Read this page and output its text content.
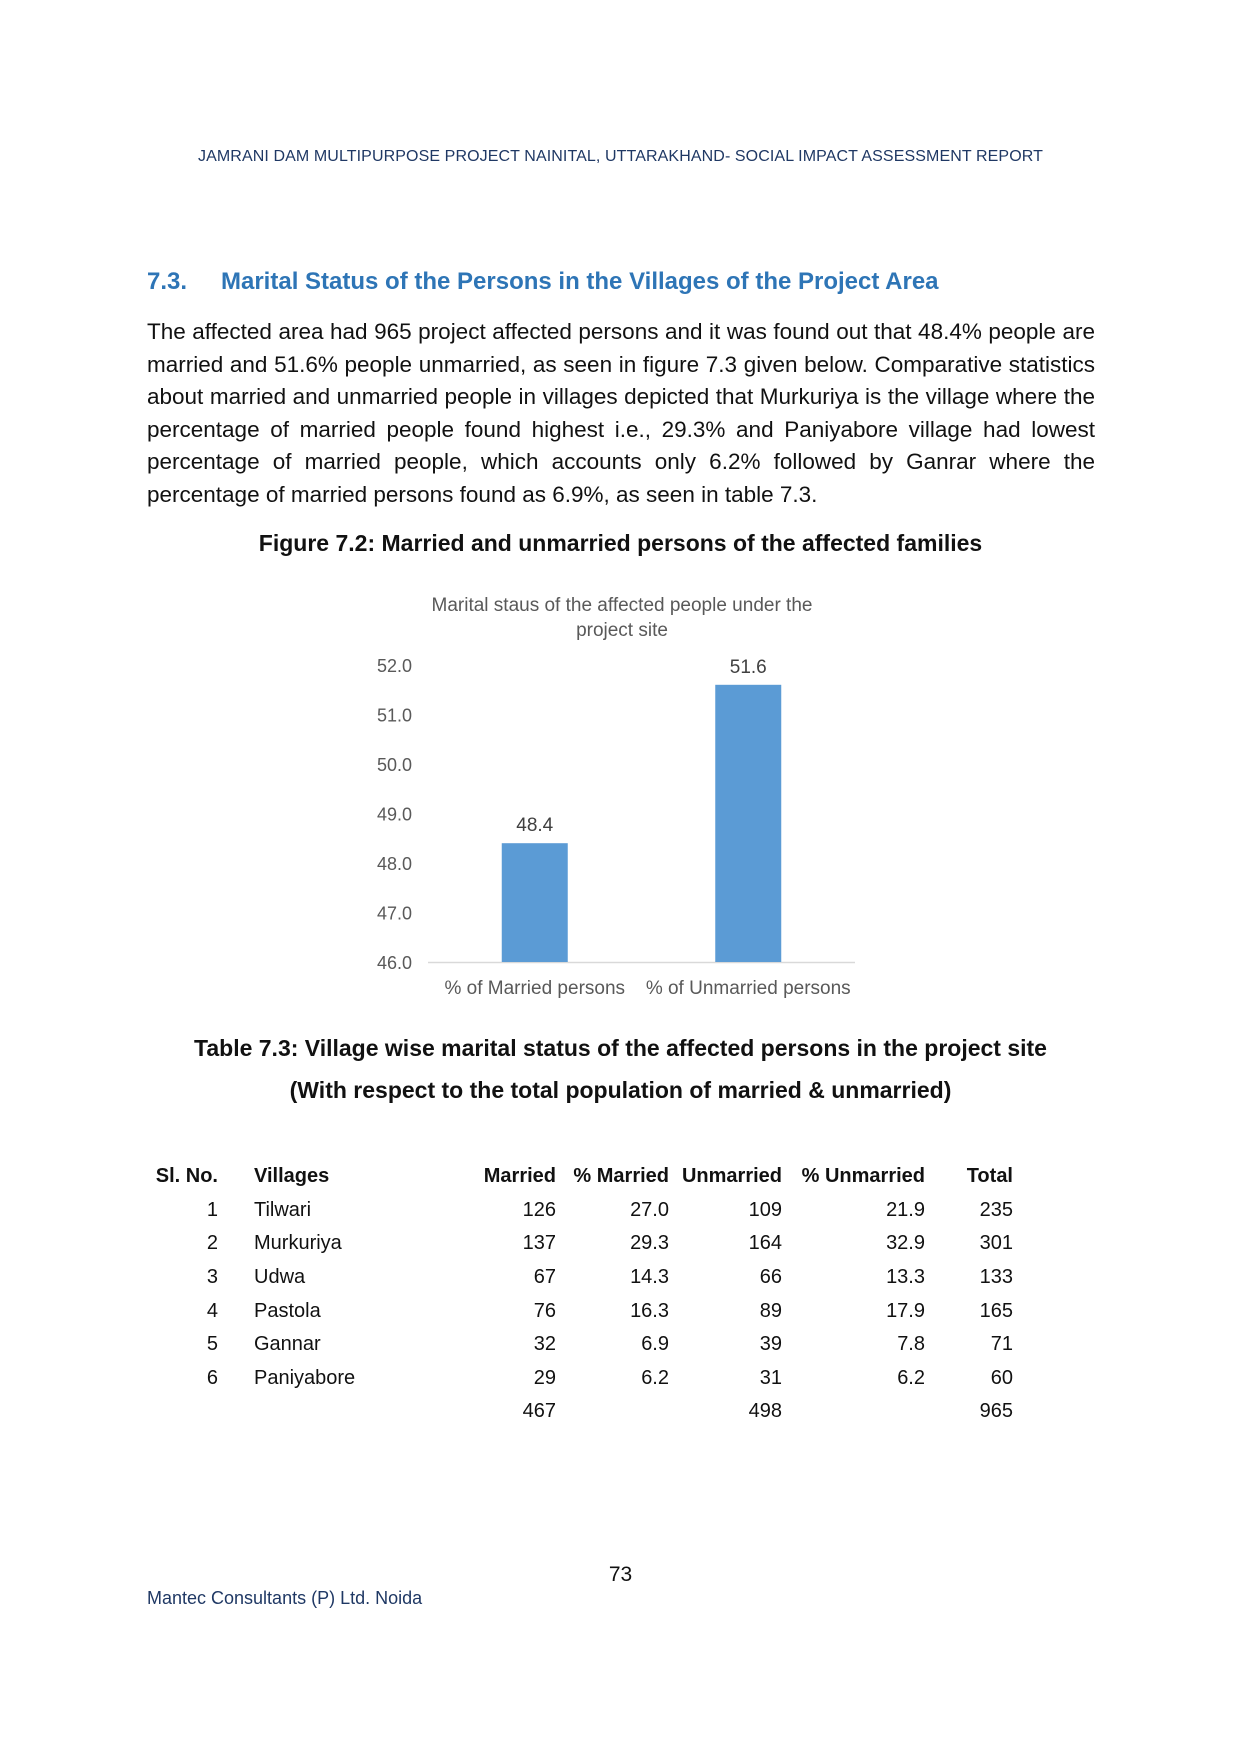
JAMRANI DAM MULTIPURPOSE PROJECT NAINITAL, UTTARAKHAND- SOCIAL IMPACT ASSESSMENT REPORT
7.3. Marital Status of the Persons in the Villages of the Project Area
The affected area had 965 project affected persons and it was found out that 48.4% people are married and 51.6% people unmarried, as seen in figure 7.3 given below. Comparative statistics about married and unmarried people in villages depicted that Murkuriya is the village where the percentage of married people found highest i.e., 29.3% and Paniyabore village had lowest percentage of married people, which accounts only 6.2% followed by Ganrar where the percentage of married persons found as 6.9%, as seen in table 7.3.
Figure 7.2: Married and unmarried persons of the affected families
Marital staus of the affected people under the
project site
46.0
47.0
48.0
49.0
50.0
51.0
52.0
48.4
% of Married persons
51.6
% of Unmarried persons
Table 7.3: Village wise marital status of the affected persons in the project site
(With respect to the total population of married & unmarried)
Sl. No.		Villages	Married	% Married	Unmarried	% Unmarried	Total
1		Tilwari	126	27.0	109	21.9	235
2		Murkuriya	137	29.3	164	32.9	301
3		Udwa	67	14.3	66	13.3	133
4		Pastola	76	16.3	89	17.9	165
5		Gannar	32	6.9	39	7.8	71
6		Paniyabore	29	6.2	31	6.2	60
			467		498		965
73
Mantec Consultants (P) Ltd. Noida
